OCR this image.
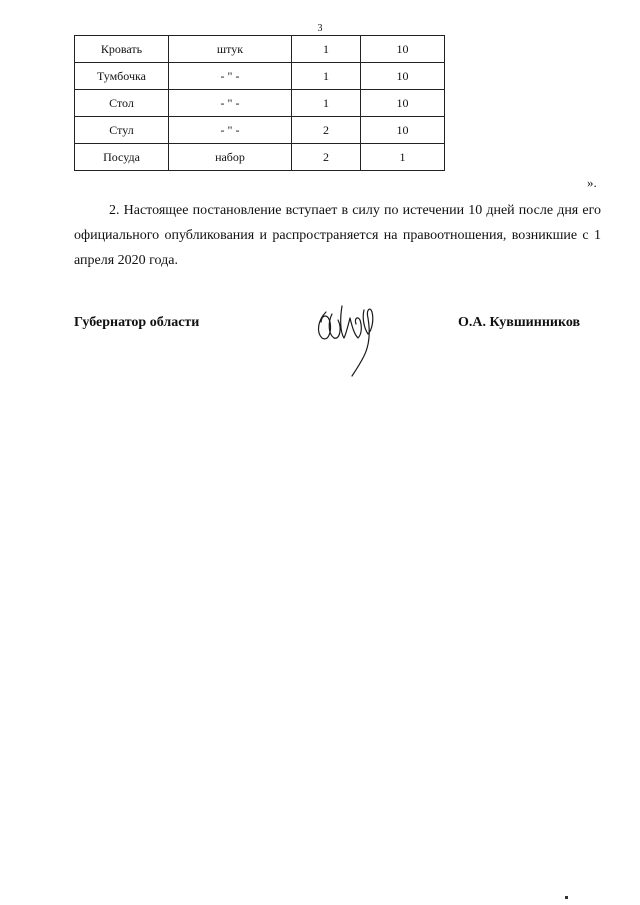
3
Кровать	штук	1	10
Тумбочка	- " -	1	10
Стол	- " -	1	10
Стул	- " -	2	10
Посуда	набор	2	1
».

2. Настоящее постановление вступает в силу по истечении 10 дней после дня его официального опубликования и распространяется на правоотношения, возникшие с 1 апреля 2020 года.

Губернатор области	О.А. Кувшинников
